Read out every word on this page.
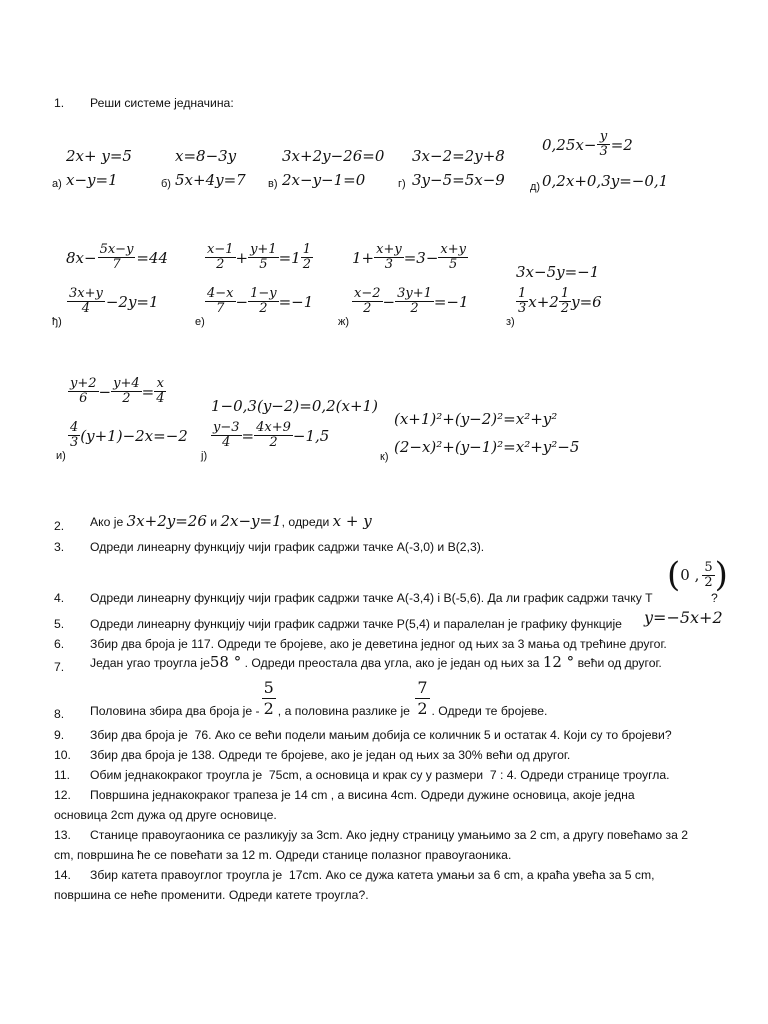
1. Реши системе једначина:
2x+ y=5
а) x−y=1
x=8−3y
б) 5x+4y=7
3x+2y−26=0
в) 2x−y−1=0
3x−2=2y+8
г) 3y−5=5x−9
0,25x− y
3 =2
д) 0,2x+0,3y=−0,1
8x− 5x−y
7 =44
ђ)
3x+y
4 −2y=1
x−1
2 + y+1
5 =1 1
2
е)
4−x
7 − 1−y
2 =−1
1+ x+y
3 =3− x+y
5
ж)
x−2
2 − 3y+1
2 =−1
3x−5y=−1
з)
1
3 x+2 1
2 y=6
y+2
6 − y+4
2 = x
4
и)
4
3 (y+1)−2x=−2
1−0,3(y−2)=0,2(x+1)
ј)
y−3
4 = 4x+9
2 −1,5
(x+1)²+(y−2)²=x²+y²
к)
(2−x)²+(y−1)²=x²+y²−5
2. Ако је 3x+2y=26 и 2x−y=1 , одреди x + y
3. Одреди линеарну функцију чији график садржи тачке А(-3,0) и В(2,3).
4. Одреди линеарну функцију чији график садржи тачке А(-3,4) i B(-5,6). Да ли график садржи тачку T
( 0 , 5
2 )
?
5. Одреди линеарну функцију чији график садржи тачке P(5,4) и паралелан је графику функције y=−5x+2
6. Збир два броја је 117. Одреди те бројеве, ако је деветина једног од њих за 3 мања од трећине другог.
7. Један угао троугла је 58 ° . Одреди преостала два угла, ако је један од њих за 12 ° већи од другог.
8. Половина збира два броја је -
5
2 , а половина разлике је
7
2 . Одреди те бројеве.
9. Збир два броја је  76. Ако се већи подели мањим добија се количник 5 и остатак 4. Који су то бројеви?
10. Збир два броја је 138. Одреди те бројеве, ако је један од њих за 30% већи од другог.
11. Обим једнакокраког троугла је  75cm, а основица и крак су у размери  7 : 4. Одреди странице троугла.
12. Површина једнакокраког трапеза је 14 cm , а висина 4cm. Одреди дужине основица, акоје једна
основица 2cm дужа од друге основице.
13. Станице правоугаоника се разликују за 3cm. Ако једну страницу умањимо за 2 cm, а другу повећамо за 2
cm, површина ће се повећати за 12 m. Одреди станице полазног правоугаоника.
14. Збир катета правоуглог троугла је  17cm. Ако се дужа катета умањи за 6 cm, а краћа увећа за 5 cm,
површина се неће променити. Одреди катете троугла?.
